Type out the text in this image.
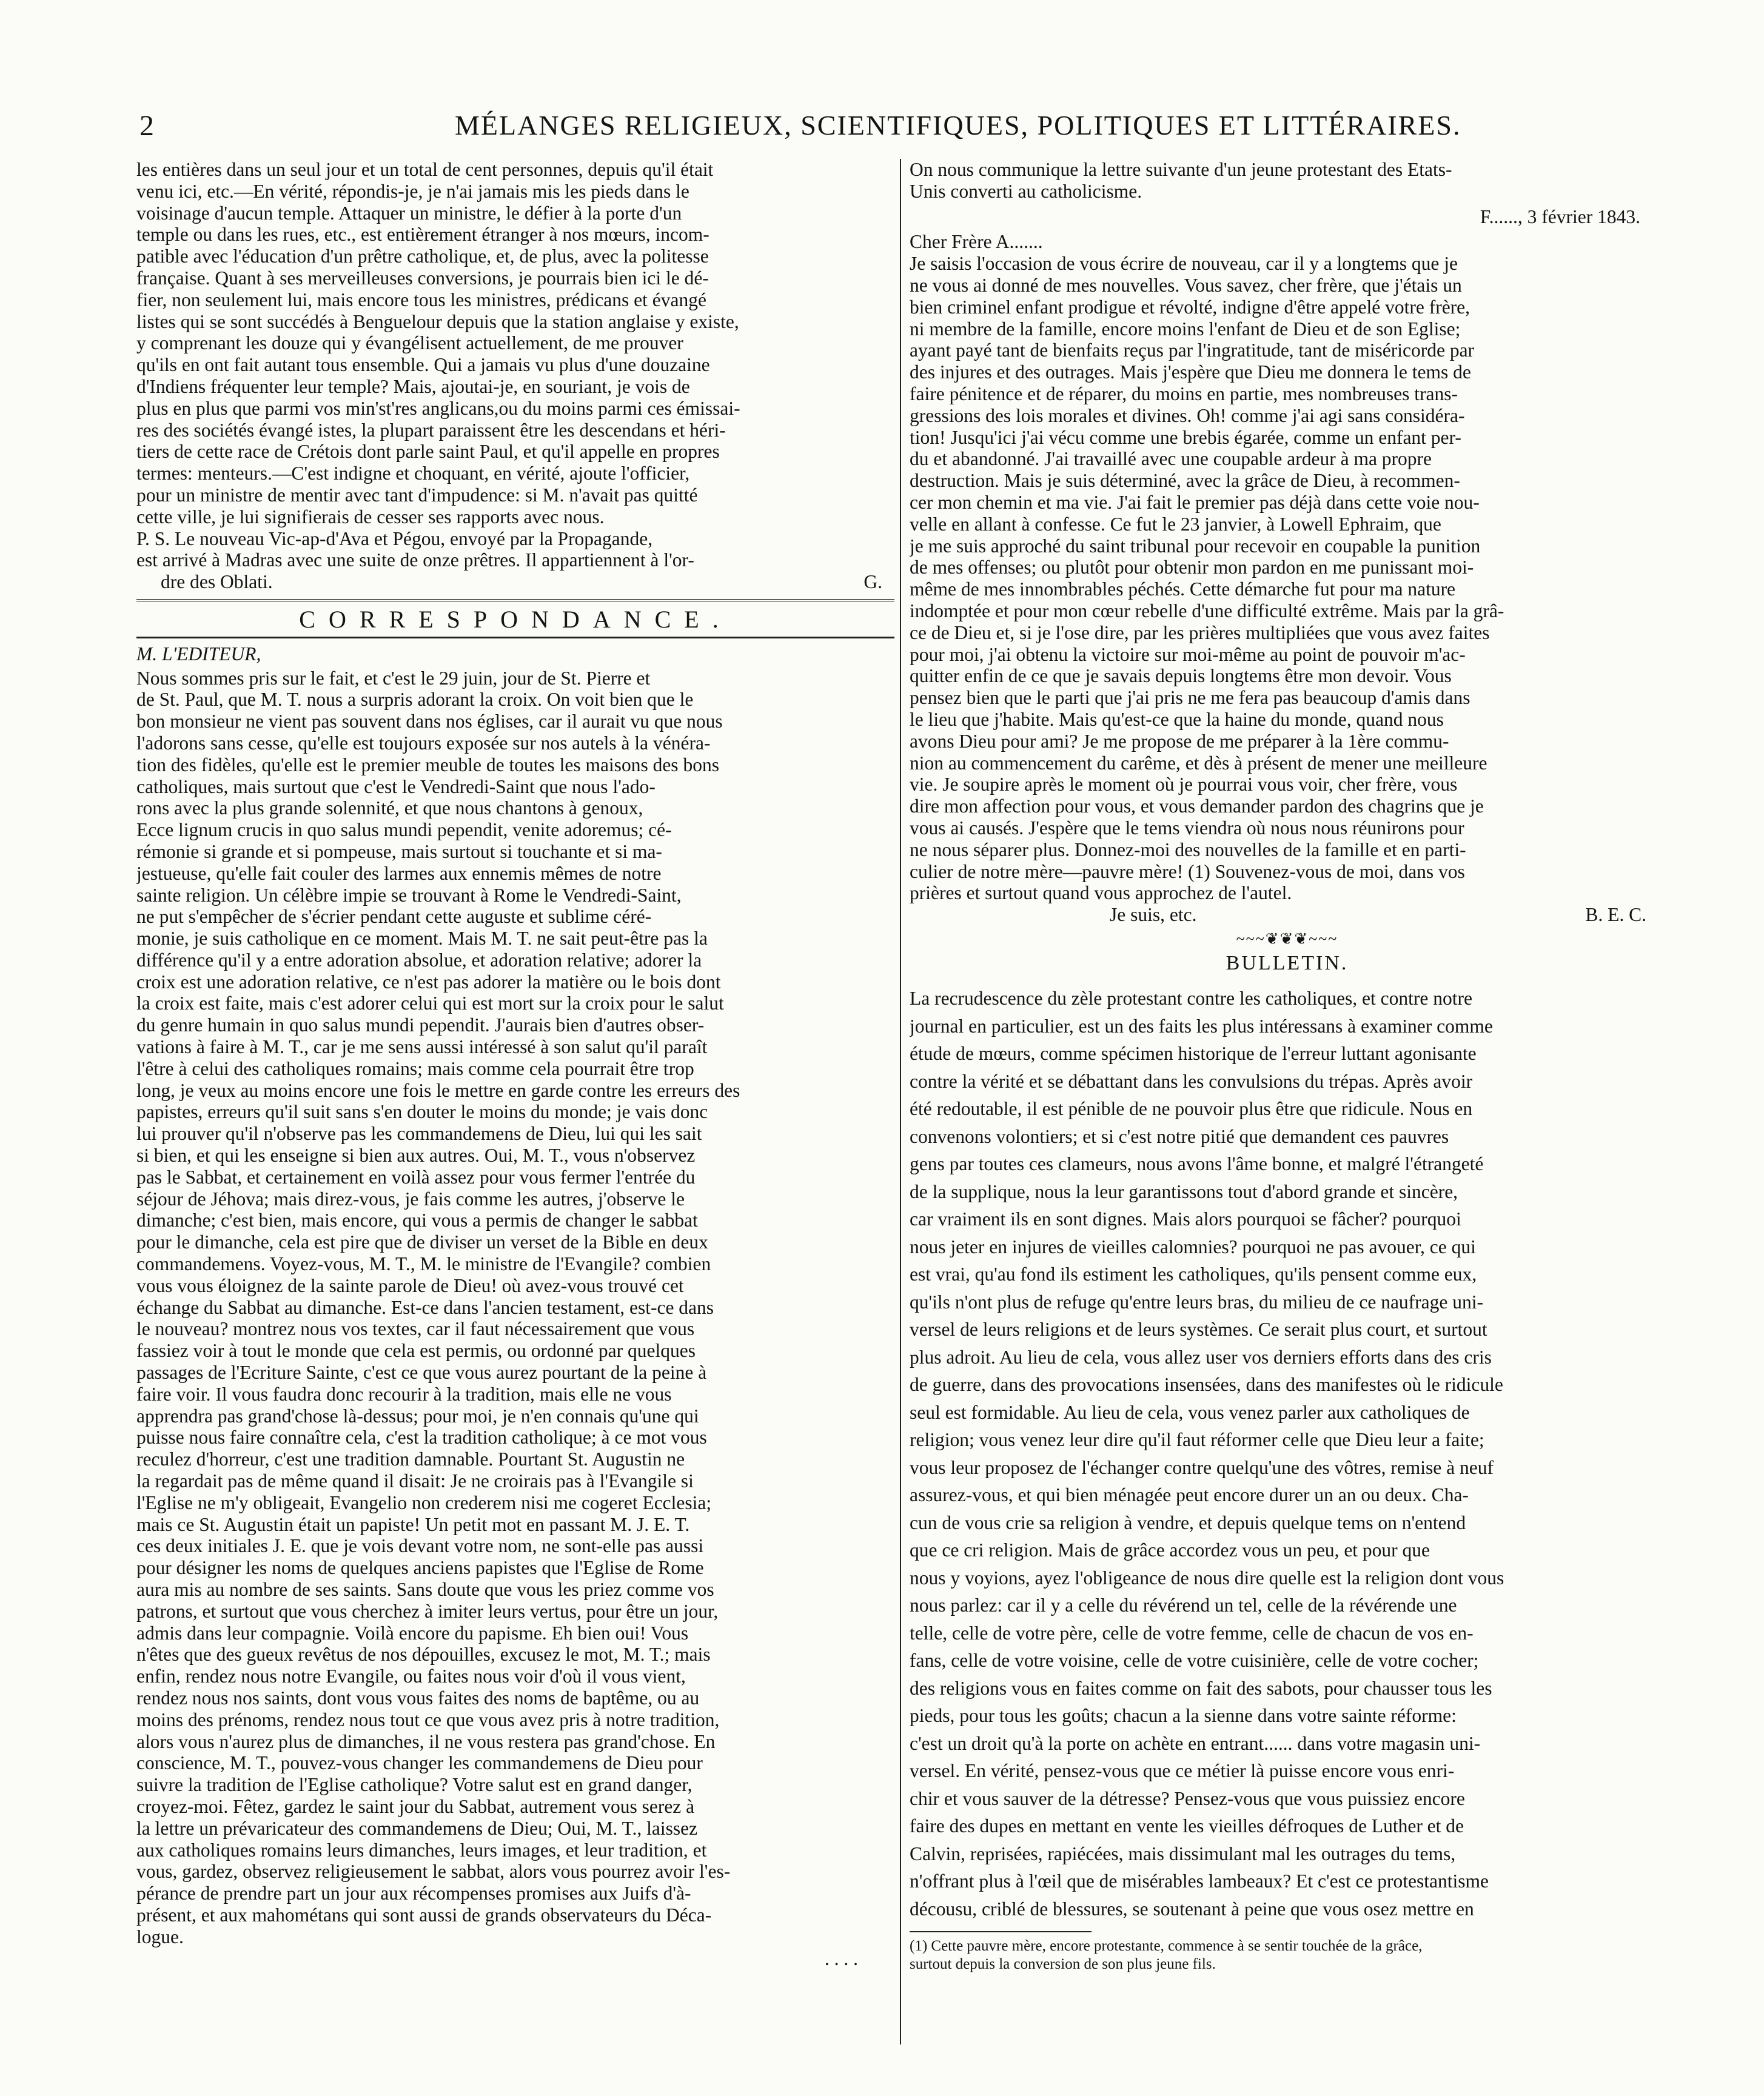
2	MÉLANGES RELIGIEUX, SCIENTIFIQUES, POLITIQUES ET LITTÉRAIRES.
les entières dans un seul jour et un total de cent personnes, depuis qu'il était
venu ici, etc.—En vérité, répondis-je, je n'ai jamais mis les pieds dans le
voisinage d'aucun temple. Attaquer un ministre, le défier à la porte d'un
temple ou dans les rues, etc., est entièrement étranger à nos mœurs, incom-
patible avec l'éducation d'un prêtre catholique, et, de plus, avec la politesse
française. Quant à ses merveilleuses conversions, je pourrais bien ici le dé-
fier, non seulement lui, mais encore tous les ministres, prédicans et évangé
listes qui se sont succédés à Benguelour depuis que la station anglaise y existe,
y comprenant les douze qui y évangélisent actuellement, de me prouver
qu'ils en ont fait autant tous ensemble. Qui a jamais vu plus d'une douzaine
d'Indiens fréquenter leur temple? Mais, ajoutai-je, en souriant, je vois de
plus en plus que parmi vos min'st'res anglicans,ou du moins parmi ces émissai-
res des sociétés évangé istes, la plupart paraissent être les descendans et héri-
tiers de cette race de Crétois dont parle saint Paul, et qu'il appelle en propres
termes: menteurs.—C'est indigne et choquant, en vérité, ajoute l'officier,
pour un ministre de mentir avec tant d'impudence: si M. n'avait pas quitté
cette ville, je lui signifierais de cesser ses rapports avec nous.
P. S. Le nouveau Vic-ap-d'Ava et Pégou, envoyé par la Propagande,
est arrivé à Madras avec une suite de onze prêtres. Il appartiennent à l'or-
dre des Oblati.	G.
CORRESPONDANCE.
M. L'EDITEUR,
Nous sommes pris sur le fait, et c'est le 29 juin, jour de St. Pierre et
de St. Paul, que M. T. nous a surpris adorant la croix. On voit bien que le
bon monsieur ne vient pas souvent dans nos églises, car il aurait vu que nous
l'adorons sans cesse, qu'elle est toujours exposée sur nos autels à la vénéra-
tion des fidèles, qu'elle est le premier meuble de toutes les maisons des bons
catholiques, mais surtout que c'est le Vendredi-Saint que nous l'ado-
rons avec la plus grande solennité, et que nous chantons à genoux,
Ecce lignum crucis in quo salus mundi pependit, venite adoremus; cé-
rémonie si grande et si pompeuse, mais surtout si touchante et si ma-
jestueuse, qu'elle fait couler des larmes aux ennemis mêmes de notre
sainte religion. Un célèbre impie se trouvant à Rome le Vendredi-Saint,
ne put s'empêcher de s'écrier pendant cette auguste et sublime céré-
monie, je suis catholique en ce moment. Mais M. T. ne sait peut-être pas la
différence qu'il y a entre adoration absolue, et adoration relative; adorer la
croix est une adoration relative, ce n'est pas adorer la matière ou le bois dont
la croix est faite, mais c'est adorer celui qui est mort sur la croix pour le salut
du genre humain in quo salus mundi pependit. J'aurais bien d'autres obser-
vations à faire à M. T., car je me sens aussi intéressé à son salut qu'il paraît
l'être à celui des catholiques romains; mais comme cela pourrait être trop
long, je veux au moins encore une fois le mettre en garde contre les erreurs des
papistes, erreurs qu'il suit sans s'en douter le moins du monde; je vais donc
lui prouver qu'il n'observe pas les commandemens de Dieu, lui qui les sait
si bien, et qui les enseigne si bien aux autres. Oui, M. T., vous n'observez
pas le Sabbat, et certainement en voilà assez pour vous fermer l'entrée du
séjour de Jéhova; mais direz-vous, je fais comme les autres, j'observe le
dimanche; c'est bien, mais encore, qui vous a permis de changer le sabbat
pour le dimanche, cela est pire que de diviser un verset de la Bible en deux
commandemens. Voyez-vous, M. T., M. le ministre de l'Evangile? combien
vous vous éloignez de la sainte parole de Dieu! où avez-vous trouvé cet
échange du Sabbat au dimanche. Est-ce dans l'ancien testament, est-ce dans
le nouveau? montrez nous vos textes, car il faut nécessairement que vous
fassiez voir à tout le monde que cela est permis, ou ordonné par quelques
passages de l'Ecriture Sainte, c'est ce que vous aurez pourtant de la peine à
faire voir. Il vous faudra donc recourir à la tradition, mais elle ne vous
apprendra pas grand'chose là-dessus; pour moi, je n'en connais qu'une qui
puisse nous faire connaître cela, c'est la tradition catholique; à ce mot vous
reculez d'horreur, c'est une tradition damnable. Pourtant St. Augustin ne
la regardait pas de même quand il disait: Je ne croirais pas à l'Evangile si
l'Eglise ne m'y obligeait, Evangelio non crederem nisi me cogeret Ecclesia;
mais ce St. Augustin était un papiste! Un petit mot en passant M. J. E. T.
ces deux initiales J. E. que je vois devant votre nom, ne sont-elle pas aussi
pour désigner les noms de quelques anciens papistes que l'Eglise de Rome
aura mis au nombre de ses saints. Sans doute que vous les priez comme vos
patrons, et surtout que vous cherchez à imiter leurs vertus, pour être un jour,
admis dans leur compagnie. Voilà encore du papisme. Eh bien oui! Vous
n'êtes que des gueux revêtus de nos dépouilles, excusez le mot, M. T.; mais
enfin, rendez nous notre Evangile, ou faites nous voir d'où il vous vient,
rendez nous nos saints, dont vous vous faites des noms de baptême, ou au
moins des prénoms, rendez nous tout ce que vous avez pris à notre tradition,
alors vous n'aurez plus de dimanches, il ne vous restera pas grand'chose. En
conscience, M. T., pouvez-vous changer les commandemens de Dieu pour
suivre la tradition de l'Eglise catholique? Votre salut est en grand danger,
croyez-moi. Fêtez, gardez le saint jour du Sabbat, autrement vous serez à
la lettre un prévaricateur des commandemens de Dieu; Oui, M. T., laissez
aux catholiques romains leurs dimanches, leurs images, et leur tradition, et
vous, gardez, observez religieusement le sabbat, alors vous pourrez avoir l'es-
pérance de prendre part un jour aux récompenses promises aux Juifs d'à-
présent, et aux mahométans qui sont aussi de grands observateurs du Déca-
logue.
. . . .
On nous communique la lettre suivante d'un jeune protestant des Etats-
Unis converti au catholicisme.
F......, 3 février 1843.
Cher Frère A.......
Je saisis l'occasion de vous écrire de nouveau, car il y a longtems que je
ne vous ai donné de mes nouvelles. Vous savez, cher frère, que j'étais un
bien criminel enfant prodigue et révolté, indigne d'être appelé votre frère,
ni membre de la famille, encore moins l'enfant de Dieu et de son Eglise;
ayant payé tant de bienfaits reçus par l'ingratitude, tant de miséricorde par
des injures et des outrages. Mais j'espère que Dieu me donnera le tems de
faire pénitence et de réparer, du moins en partie, mes nombreuses trans-
gressions des lois morales et divines. Oh! comme j'ai agi sans considéra-
tion! Jusqu'ici j'ai vécu comme une brebis égarée, comme un enfant per-
du et abandonné. J'ai travaillé avec une coupable ardeur à ma propre
destruction. Mais je suis déterminé, avec la grâce de Dieu, à recommen-
cer mon chemin et ma vie. J'ai fait le premier pas déjà dans cette voie nou-
velle en allant à confesse. Ce fut le 23 janvier, à Lowell Ephraim, que
je me suis approché du saint tribunal pour recevoir en coupable la punition
de mes offenses; ou plutôt pour obtenir mon pardon en me punissant moi-
même de mes innombrables péchés. Cette démarche fut pour ma nature
indomptée et pour mon cœur rebelle d'une difficulté extrême. Mais par la grâ-
ce de Dieu et, si je l'ose dire, par les prières multipliées que vous avez faites
pour moi, j'ai obtenu la victoire sur moi-même au point de pouvoir m'ac-
quitter enfin de ce que je savais depuis longtems être mon devoir. Vous
pensez bien que le parti que j'ai pris ne me fera pas beaucoup d'amis dans
le lieu que j'habite. Mais qu'est-ce que la haine du monde, quand nous
avons Dieu pour ami? Je me propose de me préparer à la 1ère commu-
nion au commencement du carême, et dès à présent de mener une meilleure
vie. Je soupire après le moment où je pourrai vous voir, cher frère, vous
dire mon affection pour vous, et vous demander pardon des chagrins que je
vous ai causés. J'espère que le tems viendra où nous nous réunirons pour
ne nous séparer plus. Donnez-moi des nouvelles de la famille et en parti-
culier de notre mère—pauvre mère! (1) Souvenez-vous de moi, dans vos
prières et surtout quand vous approchez de l'autel.
Je suis, etc.	B. E. C.
~~~❦❦❦~~~
BULLETIN.
La recrudescence du zèle protestant contre les catholiques, et contre notre
journal en particulier, est un des faits les plus intéressans à examiner comme
étude de mœurs, comme spécimen historique de l'erreur luttant agonisante
contre la vérité et se débattant dans les convulsions du trépas. Après avoir
été redoutable, il est pénible de ne pouvoir plus être que ridicule. Nous en
convenons volontiers; et si c'est notre pitié que demandent ces pauvres
gens par toutes ces clameurs, nous avons l'âme bonne, et malgré l'étrangeté
de la supplique, nous la leur garantissons tout d'abord grande et sincère,
car vraiment ils en sont dignes. Mais alors pourquoi se fâcher? pourquoi
nous jeter en injures de vieilles calomnies? pourquoi ne pas avouer, ce qui
est vrai, qu'au fond ils estiment les catholiques, qu'ils pensent comme eux,
qu'ils n'ont plus de refuge qu'entre leurs bras, du milieu de ce naufrage uni-
versel de leurs religions et de leurs systèmes. Ce serait plus court, et surtout
plus adroit. Au lieu de cela, vous allez user vos derniers efforts dans des cris
de guerre, dans des provocations insensées, dans des manifestes où le ridicule
seul est formidable. Au lieu de cela, vous venez parler aux catholiques de
religion; vous venez leur dire qu'il faut réformer celle que Dieu leur a faite;
vous leur proposez de l'échanger contre quelqu'une des vôtres, remise à neuf
assurez-vous, et qui bien ménagée peut encore durer un an ou deux. Cha-
cun de vous crie sa religion à vendre, et depuis quelque tems on n'entend
que ce cri religion. Mais de grâce accordez vous un peu, et pour que
nous y voyions, ayez l'obligeance de nous dire quelle est la religion dont vous
nous parlez: car il y a celle du révérend un tel, celle de la révérende une
telle, celle de votre père, celle de votre femme, celle de chacun de vos en-
fans, celle de votre voisine, celle de votre cuisinière, celle de votre cocher;
des religions vous en faites comme on fait des sabots, pour chausser tous les
pieds, pour tous les goûts; chacun a la sienne dans votre sainte réforme:
c'est un droit qu'à la porte on achète en entrant...... dans votre magasin uni-
versel. En vérité, pensez-vous que ce métier là puisse encore vous enri-
chir et vous sauver de la détresse? Pensez-vous que vous puissiez encore
faire des dupes en mettant en vente les vieilles défroques de Luther et de
Calvin, reprisées, rapiécées, mais dissimulant mal les outrages du tems,
n'offrant plus à l'œil que de misérables lambeaux? Et c'est ce protestantisme
décousu, criblé de blessures, se soutenant à peine que vous osez mettre en
(1) Cette pauvre mère, encore protestante, commence à se sentir touchée de la grâce,
surtout depuis la conversion de son plus jeune fils.
